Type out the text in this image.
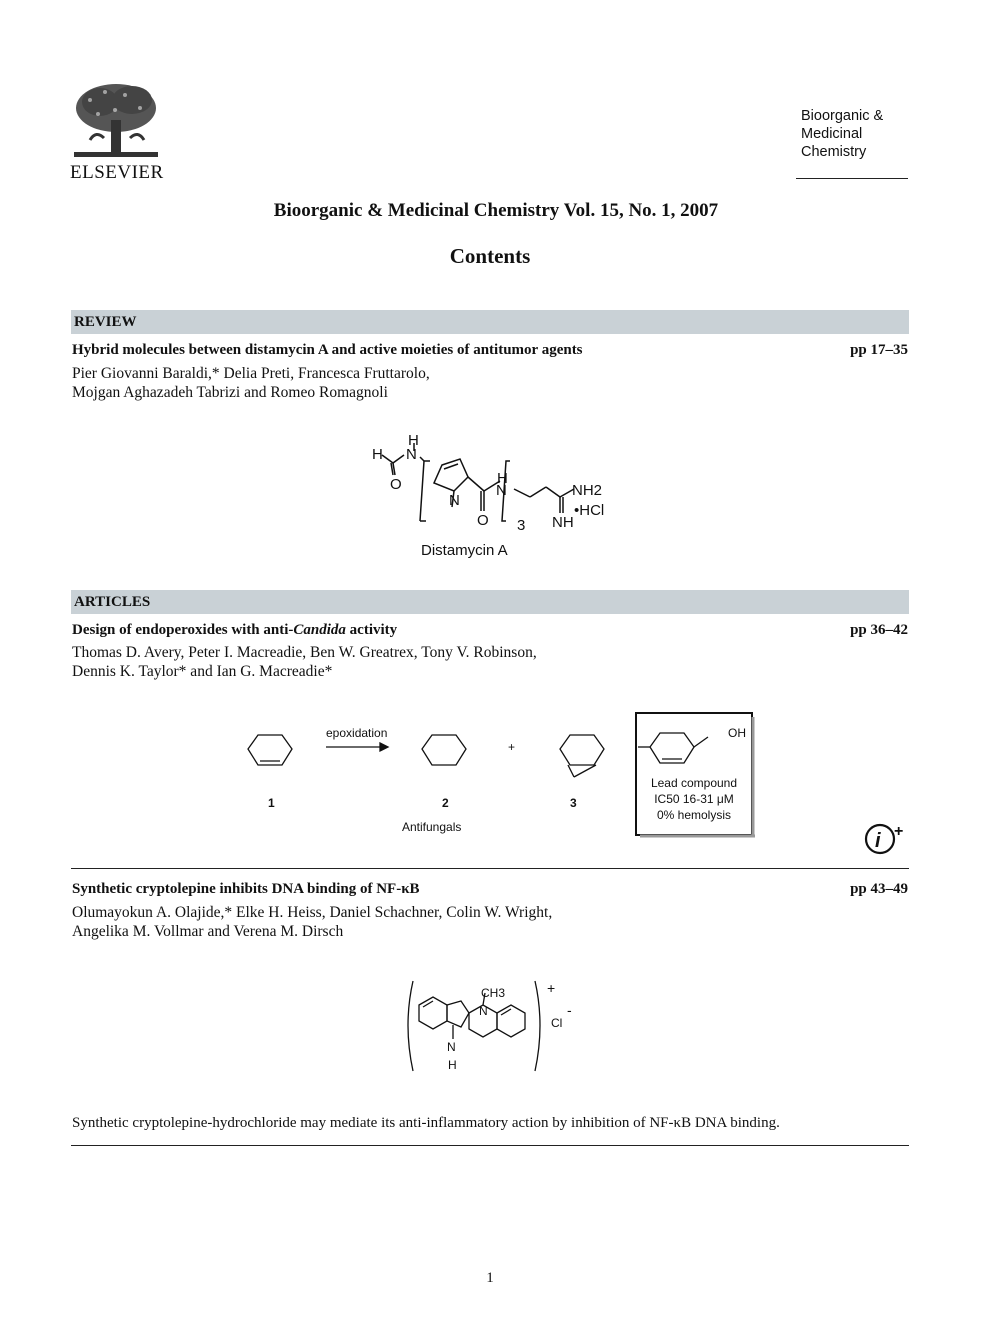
ELSEVIER
Bioorganic &
Medicinal
Chemistry
Bioorganic & Medicinal Chemistry Vol. 15, No. 1, 2007
Contents
REVIEW
Hybrid molecules between distamycin A and active moieties of antitumor agents	pp 17–35
Pier Giovanni Baraldi,* Delia Preti, Francesca Fruttarolo,
Mojgan Aghazadeh Tabrizi and Romeo Romagnoli
H
H N
O
N
O
H
N
3
NH2
NH
•HCl
Distamycin A
ARTICLES
Design of endoperoxides with anti-Candida activity	pp 36–42
Thomas D. Avery, Peter I. Macreadie, Ben W. Greatrex, Tony V. Robinson,
Dennis K. Taylor* and Ian G. Macreadie*
epoxidation
+
1	2	3
Antifungals
OH
Lead compound
IC50 16-31 μM
0% hemolysis
i +
Synthetic cryptolepine inhibits DNA binding of NF-κB	pp 43–49
Olumayokun A. Olajide,* Elke H. Heiss, Daniel Schachner, Colin W. Wright,
Angelika M. Vollmar and Verena M. Dirsch
CH3
N
N
H
+
-
Cl
Synthetic cryptolepine-hydrochloride may mediate its anti-inflammatory action by inhibition of NF-κB DNA binding.
1
